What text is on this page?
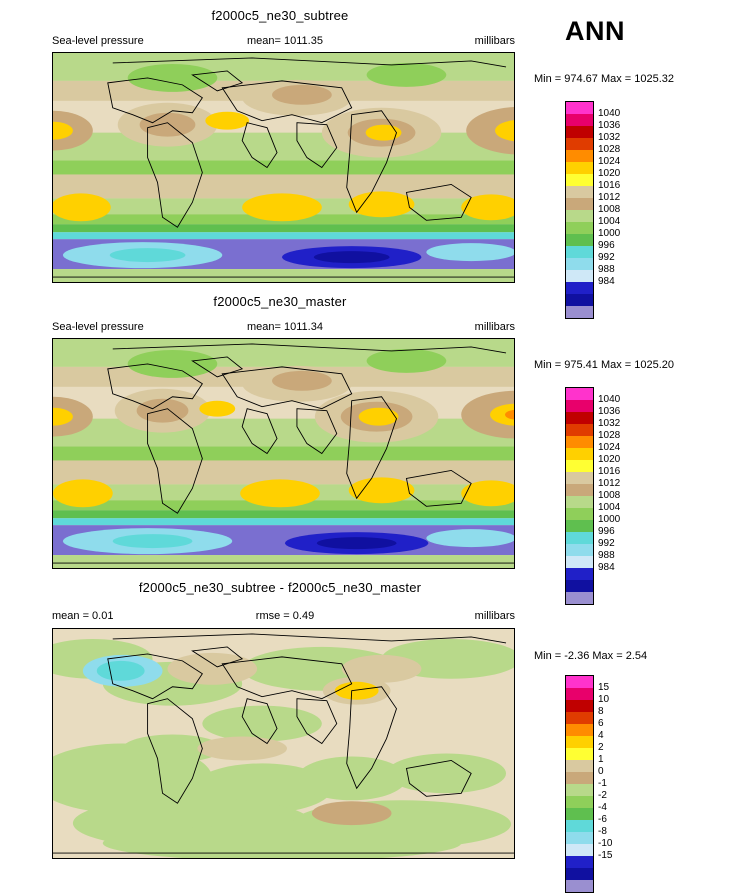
ANN
f2000c5_ne30_subtree
Sea-level pressure	mean= 1011.35	millibars
Min = 974.67 Max = 1025.32
1040
1036
1032
1028
1024
1020
1016
1012
1008
1004
1000
996
992
988
984
f2000c5_ne30_master
Sea-level pressure	mean= 1011.34	millibars
Min = 975.41 Max = 1025.20
1040
1036
1032
1028
1024
1020
1016
1012
1008
1004
1000
996
992
988
984
f2000c5_ne30_subtree - f2000c5_ne30_master
mean = 0.01	rmse = 0.49	millibars
Min = -2.36 Max = 2.54
15
10
8
6
4
2
1
0
-1
-2
-4
-6
-8
-10
-15
